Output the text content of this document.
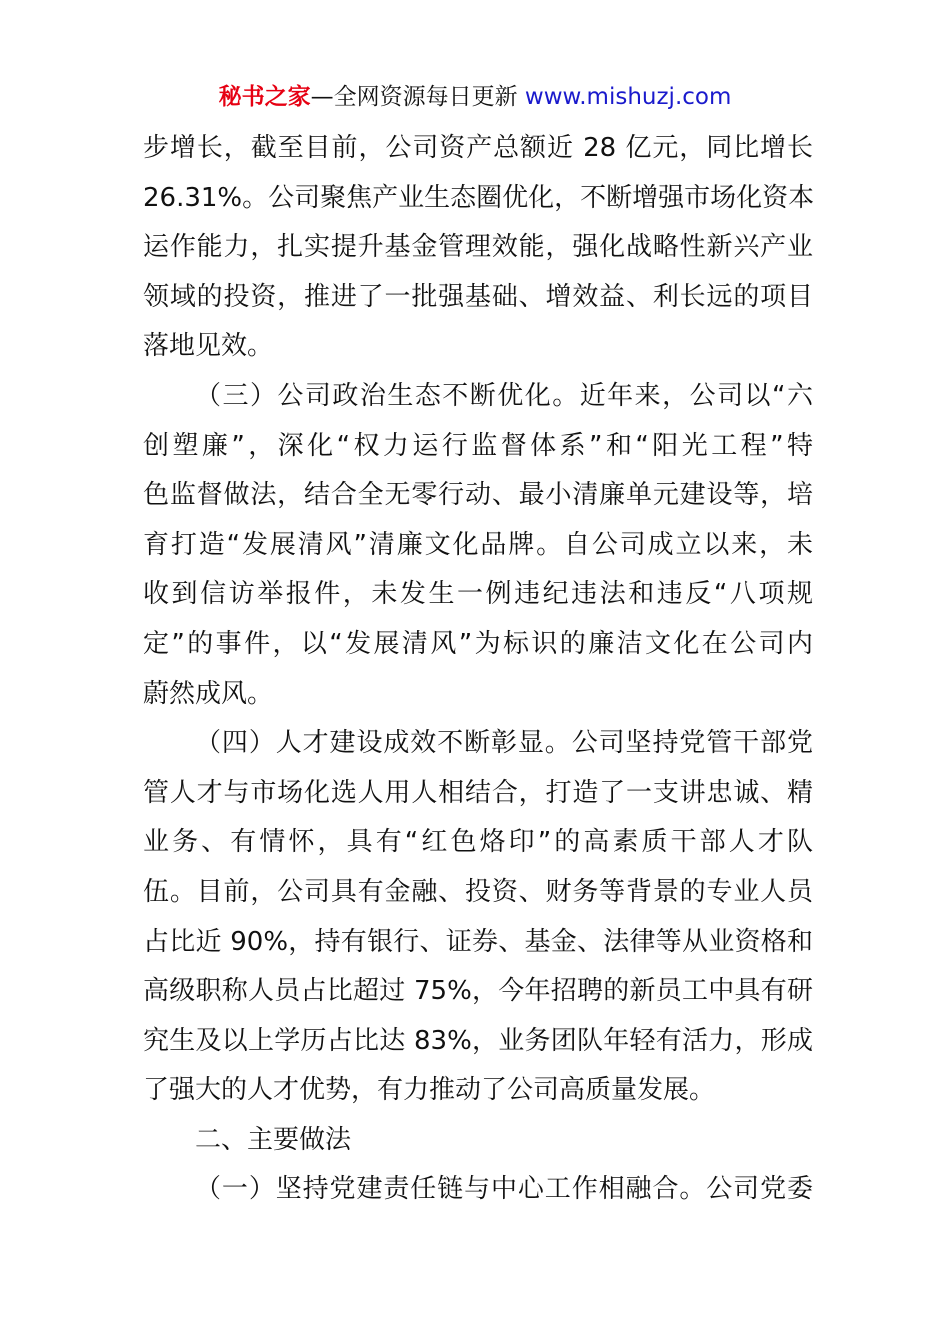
秘书之家—全网资源每日更新 www.mishuzj.com
步增长，截至目前，公司资产总额近 28 亿元，同比增长
26.31%。公司聚焦产业生态圈优化，不断增强市场化资本
运作能力，扎实提升基金管理效能，强化战略性新兴产业
领域的投资，推进了一批强基础、增效益、利长远的项目
落地见效。
（三）公司政治生态不断优化。近年来，公司以“六
创塑廉”，深化“权力运行监督体系”和“阳光工程”特
色监督做法，结合全无零行动、最小清廉单元建设等，培
育打造“发展清风”清廉文化品牌。自公司成立以来，未
收到信访举报件，未发生一例违纪违法和违反“八项规
定”的事件，以“发展清风”为标识的廉洁文化在公司内
蔚然成风。
（四）人才建设成效不断彰显。公司坚持党管干部党
管人才与市场化选人用人相结合，打造了一支讲忠诚、精
业务、有情怀，具有“红色烙印”的高素质干部人才队
伍。目前，公司具有金融、投资、财务等背景的专业人员
占比近 90%，持有银行、证券、基金、法律等从业资格和
高级职称人员占比超过 75%，今年招聘的新员工中具有研
究生及以上学历占比达 83%，业务团队年轻有活力，形成
了强大的人才优势，有力推动了公司高质量发展。
二、主要做法
（一）坚持党建责任链与中心工作相融合。公司党委
